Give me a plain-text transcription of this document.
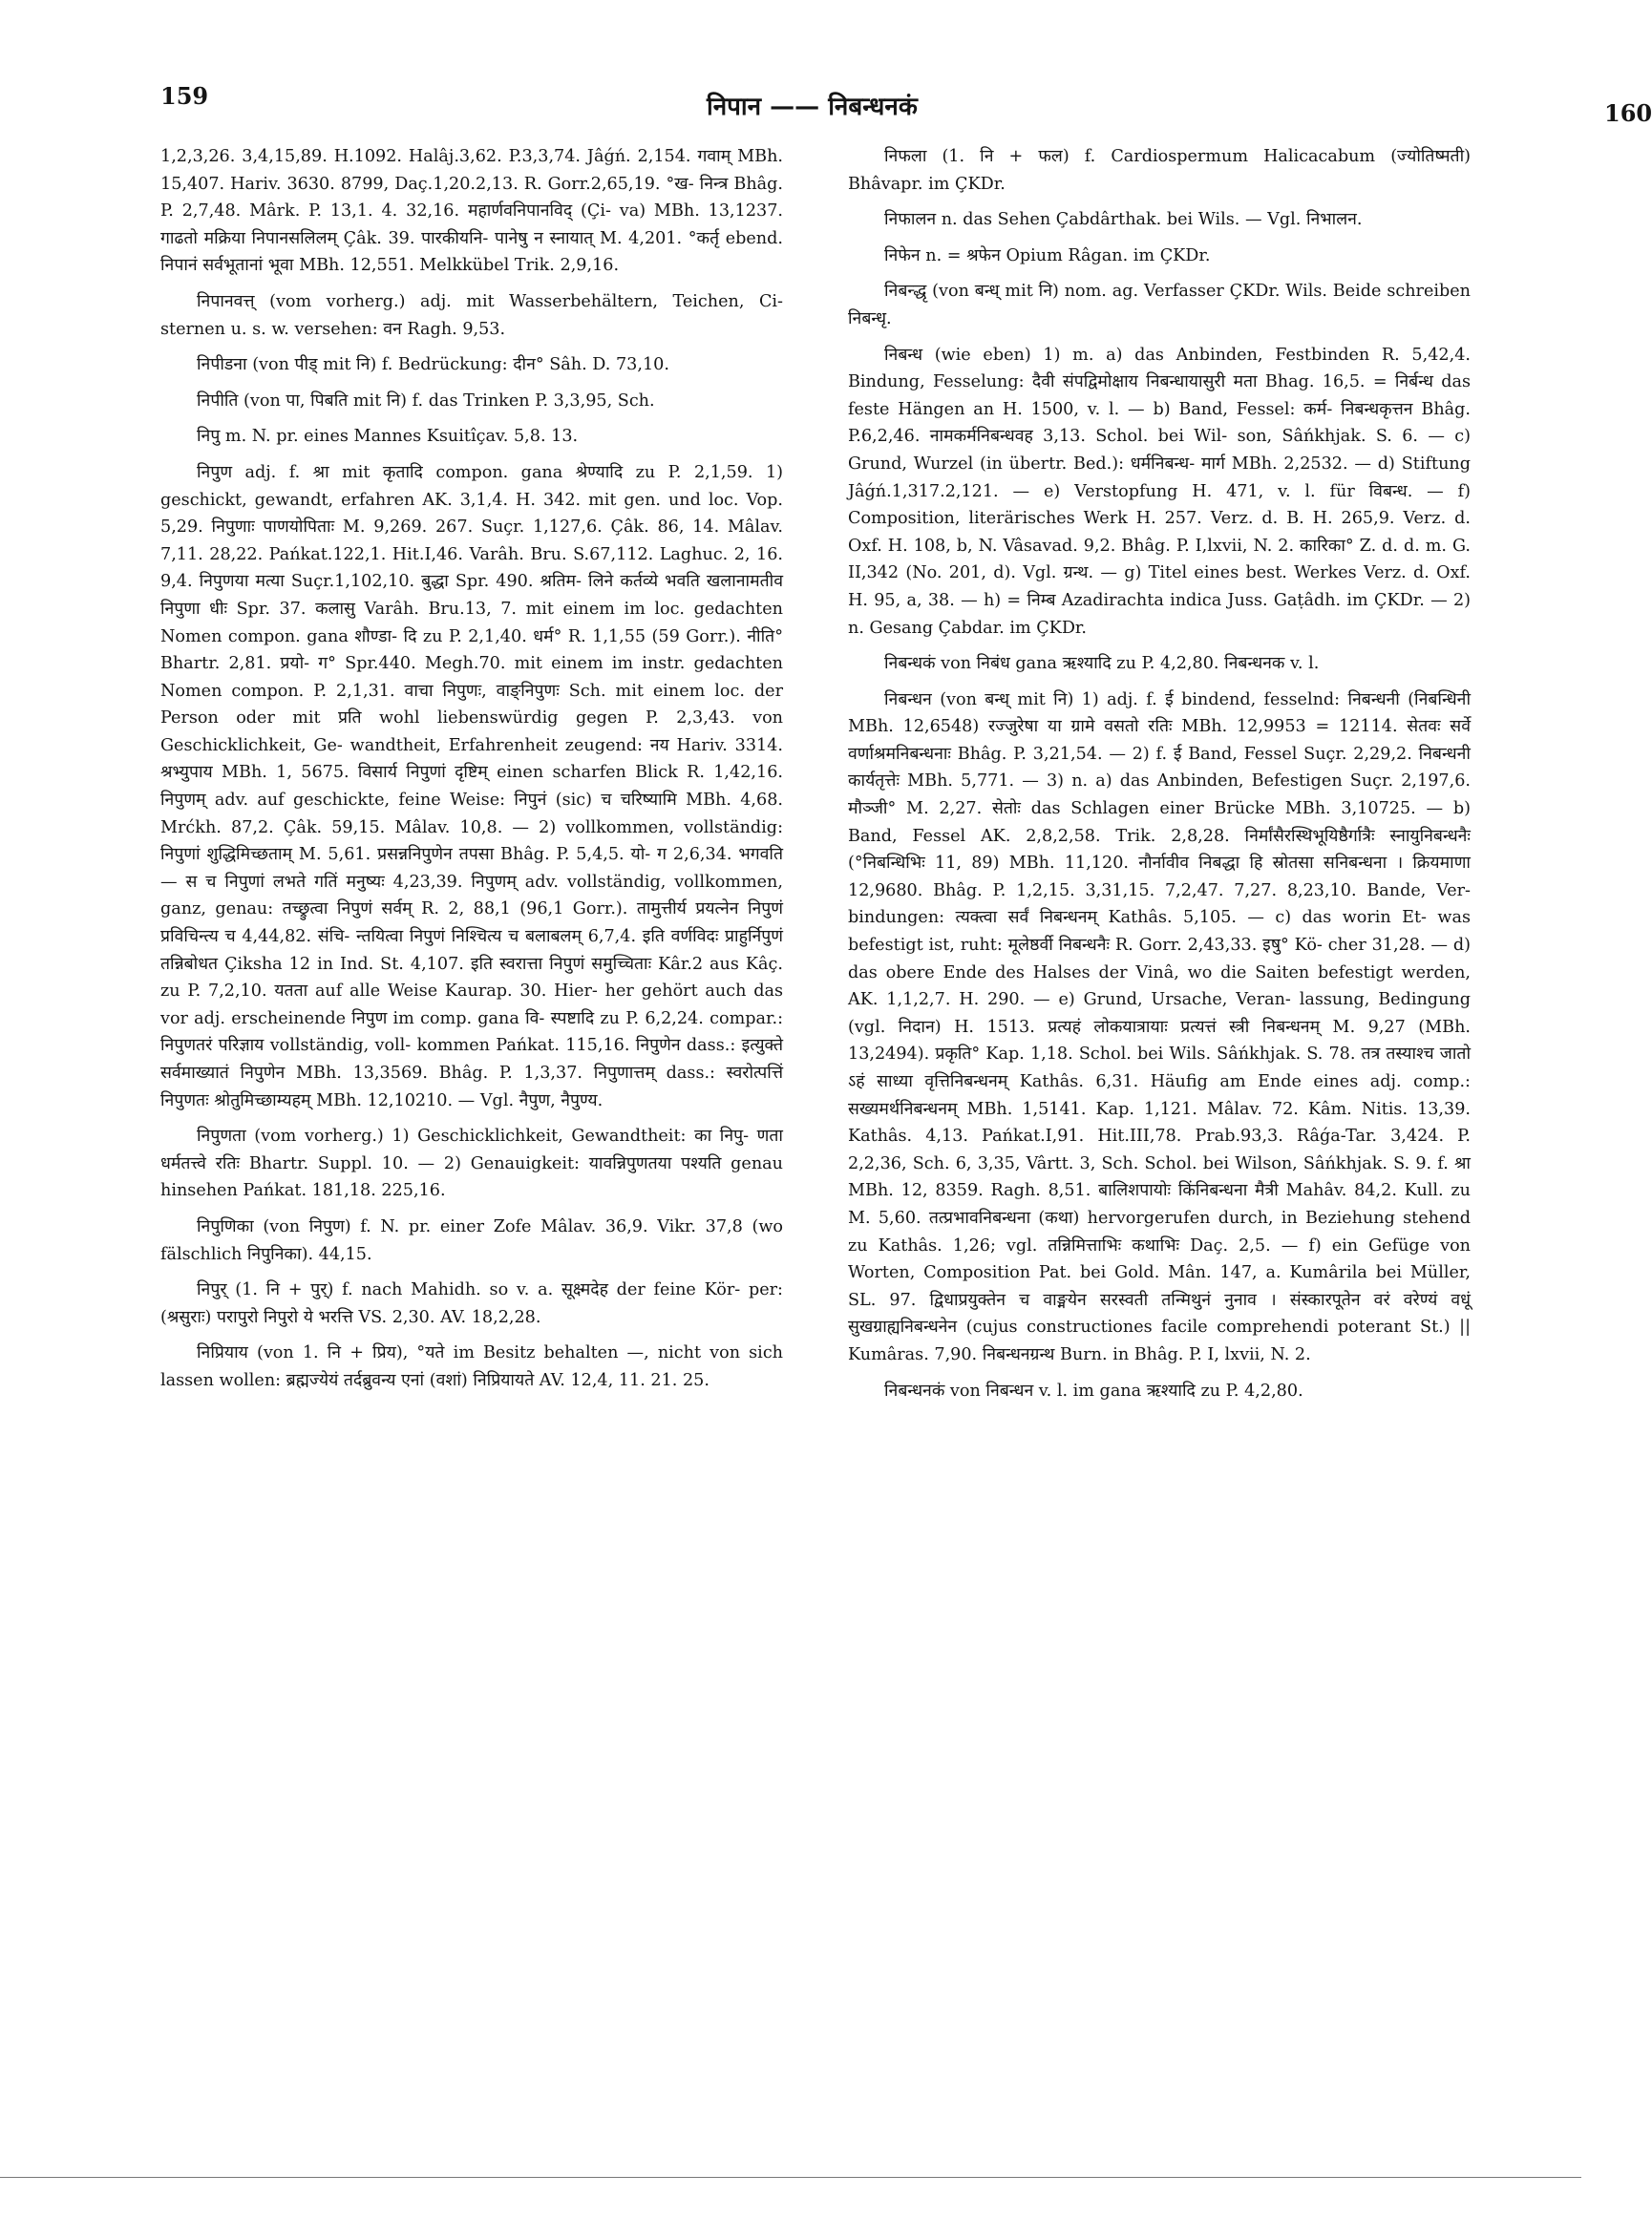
159	निपान —— निबन्धनकं	160

1,2,3,26. 3,4,15,89. H.1092. Halâj.3,62. P.3,3,74. Jâǵń. 2,154. गवाम् MBh. 15,407. Hariv. 3630. 8799, Daç.1,20.2,13. R. Gorr.2,65,19. °ख- निन्त्र Bhâg. P. 2,7,48. Mârk. P. 13,1. 4. 32,16. महार्णवनिपानविद् (Çi- va) MBh. 13,1237. गाढतो मक्रिया निपानसलिलम् Çâk. 39. पारकीयनि- पानेषु न स्नायात् M. 4,201. °कर्तृ ebend. निपानं सर्वभूतानां भूवा MBh. 12,551. Melkkübel Trik. 2,9,16.

निपानवत्त् (vom vorherg.) adj. mit Wasserbehältern, Teichen, Ci- sternen u. s. w. versehen: वन Ragh. 9,53.

निपीडना (von पीड् mit नि) f. Bedrückung: दीन° Sâh. D. 73,10.

निपीति (von पा, पिबति mit नि) f. das Trinken P. 3,3,95, Sch.

निपु m. N. pr. eines Mannes Ksuitîçav. 5,8. 13.

निपुण adj. f. श्रा mit कृतादि compon. gana श्रेण्यादि zu P. 2,1,59. 1) geschickt, gewandt, erfahren AK. 3,1,4. H. 342. mit gen. und loc. Vop. 5,29. निपुणाः पाणयोपिताः M. 9,269. 267. Suçr. 1,127,6. Çâk. 86, 14. Mâlav. 7,11. 28,22. Pańkat.122,1. Hit.I,46. Varâh. Bru. S.67,112. Laghuc. 2, 16. 9,4. निपुणया मत्या Suçr.1,102,10. बुद्धा Spr. 490. श्रतिम- लिने कर्तव्ये भवति खलानामतीव निपुणा धीः Spr. 37. कलासु Varâh. Bru.13, 7. mit einem im loc. gedachten Nomen compon. gana शौण्डा- दि zu P. 2,1,40. धर्म° R. 1,1,55 (59 Gorr.). नीति° Bhartr. 2,81. प्रयो- ग° Spr.440. Megh.70. mit einem im instr. gedachten Nomen compon. P. 2,1,31. वाचा निपुणः, वाङ्निपुणः Sch. mit einem loc. der Person oder mit प्रति wohl liebenswürdig gegen P. 2,3,43. von Geschicklichkeit, Ge- wandtheit, Erfahrenheit zeugend: नय Hariv. 3314. श्रभ्युपाय MBh. 1, 5675. विसार्य निपुणां दृष्टिम् einen scharfen Blick R. 1,42,16. निपुणम् adv. auf geschickte, feine Weise: निपुनं (sic) च चरिष्यामि MBh. 4,68. Mrćkh. 87,2. Çâk. 59,15. Mâlav. 10,8. — 2) vollkommen, vollständig: निपुणां शुद्धिमिच्छताम् M. 5,61. प्रसन्ननिपुणेन तपसा Bhâg. P. 5,4,5. यो- ग 2,6,34. भगवति — स च निपुणां लभते गतिं मनुष्यः 4,23,39. निपुणम् adv. vollständig, vollkommen, ganz, genau: तच्छ्रुत्वा निपुणं सर्वम् R. 2, 88,1 (96,1 Gorr.). तामुत्तीर्य प्रयत्नेन निपुणं प्रविचिन्त्य च 4,44,82. संचि- न्तयित्वा निपुणं निश्चित्य च बलाबलम् 6,7,4. इति वर्णविदः प्राहुर्निपुणं तन्निबोधत Çiksha 12 in Ind. St. 4,107. इति स्वरात्ता निपुणं समुच्चिताः Kâr.2 aus Kâç. zu P. 7,2,10. यतता auf alle Weise Kaurap. 30. Hier- her gehört auch das vor adj. erscheinende निपुण im comp. gana वि- स्पष्टादि zu P. 6,2,24. compar.: निपुणतरं परिज्ञाय vollständig, voll- kommen Pańkat. 115,16. निपुणेन dass.: इत्युक्ते सर्वमाख्यातं निपुणेन MBh. 13,3569. Bhâg. P. 1,3,37. निपुणात्तम् dass.: स्वरोत्पत्तिं निपुणतः श्रोतुमिच्छाम्यहम् MBh. 12,10210. — Vgl. नैपुण, नैपुण्य.

निपुणता (vom vorherg.) 1) Geschicklichkeit, Gewandtheit: का निपु- णता धर्मतत्त्वे रतिः Bhartr. Suppl. 10. — 2) Genauigkeit: यावन्निपुणतया पश्यति genau hinsehen Pańkat. 181,18. 225,16.

निपुणिका (von निपुण) f. N. pr. einer Zofe Mâlav. 36,9. Vikr. 37,8 (wo fälschlich निपुनिका). 44,15.

निपुर् (1. नि + पुर्) f. nach Mahidh. so v. a. सूक्ष्मदेह der feine Kör- per: (श्रसुराः) परापुरो निपुरो ये भरत्ति VS. 2,30. AV. 18,2,28.

निप्रियाय (von 1. नि + प्रिय), °यते im Besitz behalten —, nicht von sich lassen wollen: ब्रह्मज्येयं तर्दब्रुवन्य एनां (वशां) निप्रियायते AV. 12,4, 11. 21. 25.

निफला (1. नि + फल) f. Cardiospermum Halicacabum (ज्योतिष्मती) Bhâvapr. im ÇKDr.

निफालन n. das Sehen Çabdârthak. bei Wils. — Vgl. निभालन.

निफेन n. = श्रफेन Opium Râgan. im ÇKDr.

निबन्द्धृ (von बन्ध् mit नि) nom. ag. Verfasser ÇKDr. Wils. Beide schreiben निबन्धृ.

निबन्ध (wie eben) 1) m. a) das Anbinden, Festbinden R. 5,42,4. Bindung, Fesselung: दैवी संपद्विमोक्षाय निबन्धायासुरी मता Bhag. 16,5. = निर्बन्ध das feste Hängen an H. 1500, v. l. — b) Band, Fessel: कर्म- निबन्धकृत्तन Bhâg. P.6,2,46. नामकर्मनिबन्धवह 3,13. Schol. bei Wil- son, Sâńkhjak. S. 6. — c) Grund, Wurzel (in übertr. Bed.): धर्मनिबन्ध- मार्ग MBh. 2,2532. — d) Stiftung Jâǵń.1,317.2,121. — e) Verstopfung H. 471, v. l. für विबन्ध. — f) Composition, literärisches Werk H. 257. Verz. d. B. H. 265,9. Verz. d. Oxf. H. 108, b, N. Vâsavad. 9,2. Bhâg. P. I,lxvii, N. 2. कारिका° Z. d. d. m. G. II,342 (No. 201, d). Vgl. ग्रन्थ. — g) Titel eines best. Werkes Verz. d. Oxf. H. 95, a, 38. — h) = निम्ब Azadirachta indica Juss. Gaṭâdh. im ÇKDr. — 2) n. Gesang Çabdar. im ÇKDr.

निबन्धकं von निबंध gana ऋश्यादि zu P. 4,2,80. निबन्धनक v. l.

निबन्धन (von बन्ध् mit नि) 1) adj. f. ई bindend, fesselnd: निबन्धनी (निबन्धिनी MBh. 12,6548) रज्जुरेषा या ग्रामे वसतो रतिः MBh. 12,9953 = 12114. सेतवः सर्वे वर्णाश्रमनिबन्धनाः Bhâg. P. 3,21,54. — 2) f. ई Band, Fessel Suçr. 2,29,2. निबन्धनी कार्यतृत्तेः MBh. 5,771. — 3) n. a) das Anbinden, Befestigen Suçr. 2,197,6. मौञ्जी° M. 2,27. सेतोः das Schlagen einer Brücke MBh. 3,10725. — b) Band, Fessel AK. 2,8,2,58. Trik. 2,8,28. निर्मांसैरस्थिभूयिष्ठैर्गात्रैः स्नायुनिबन्धनैः (°निबन्धिभिः 11, 89) MBh. 11,120. नौर्नावीव निबद्धा हि स्रोतसा सनिबन्धना । क्रियमाणा 12,9680. Bhâg. P. 1,2,15. 3,31,15. 7,2,47. 7,27. 8,23,10. Bande, Ver- bindungen: त्यक्त्वा सर्वं निबन्धनम् Kathâs. 5,105. — c) das worin Et- was befestigt ist, ruht: मूलेष्ठर्वी निबन्धनैः R. Gorr. 2,43,33. इषु° Kö- cher 31,28. — d) das obere Ende des Halses der Vinâ, wo die Saiten befestigt werden, AK. 1,1,2,7. H. 290. — e) Grund, Ursache, Veran- lassung, Bedingung (vgl. निदान) H. 1513. प्रत्यहं लोकयात्रायाः प्रत्यत्तं स्त्री निबन्धनम् M. 9,27 (MBh. 13,2494). प्रकृति° Kap. 1,18. Schol. bei Wils. Sâńkhjak. S. 78. तत्र तस्याश्च जातो ऽहं साध्या वृत्तिनिबन्धनम् Kathâs. 6,31. Häufig am Ende eines adj. comp.: सख्यमर्थनिबन्धनम् MBh. 1,5141. Kap. 1,121. Mâlav. 72. Kâm. Nitis. 13,39. Kathâs. 4,13. Pańkat.I,91. Hit.III,78. Prab.93,3. Râǵa-Tar. 3,424. P. 2,2,36, Sch. 6, 3,35, Vârtt. 3, Sch. Schol. bei Wilson, Sâńkhjak. S. 9. f. श्रा MBh. 12, 8359. Ragh. 8,51. बालिशपायोः किंनिबन्धना मैत्री Mahâv. 84,2. Kull. zu M. 5,60. तत्प्रभावनिबन्धना (कथा) hervorgerufen durch, in Beziehung stehend zu Kathâs. 1,26; vgl. तन्निमित्ताभिः कथाभिः Daç. 2,5. — f) ein Gefüge von Worten, Composition Pat. bei Gold. Mân. 147, a. Kumârila bei Müller, SL. 97. द्विधाप्रयुक्तेन च वाङ्मयेन सरस्वती तन्मिथुनं नुनाव । संस्कारपूतेन वरं वरेण्यं वधूं सुखग्राह्यनिबन्धनेन (cujus constructiones facile comprehendi poterant St.) || Kumâras. 7,90. निबन्धनग्रन्थ Burn. in Bhâg. P. I, lxvii, N. 2.

निबन्धनकं von निबन्धन v. l. im gana ऋश्यादि zu P. 4,2,80.
